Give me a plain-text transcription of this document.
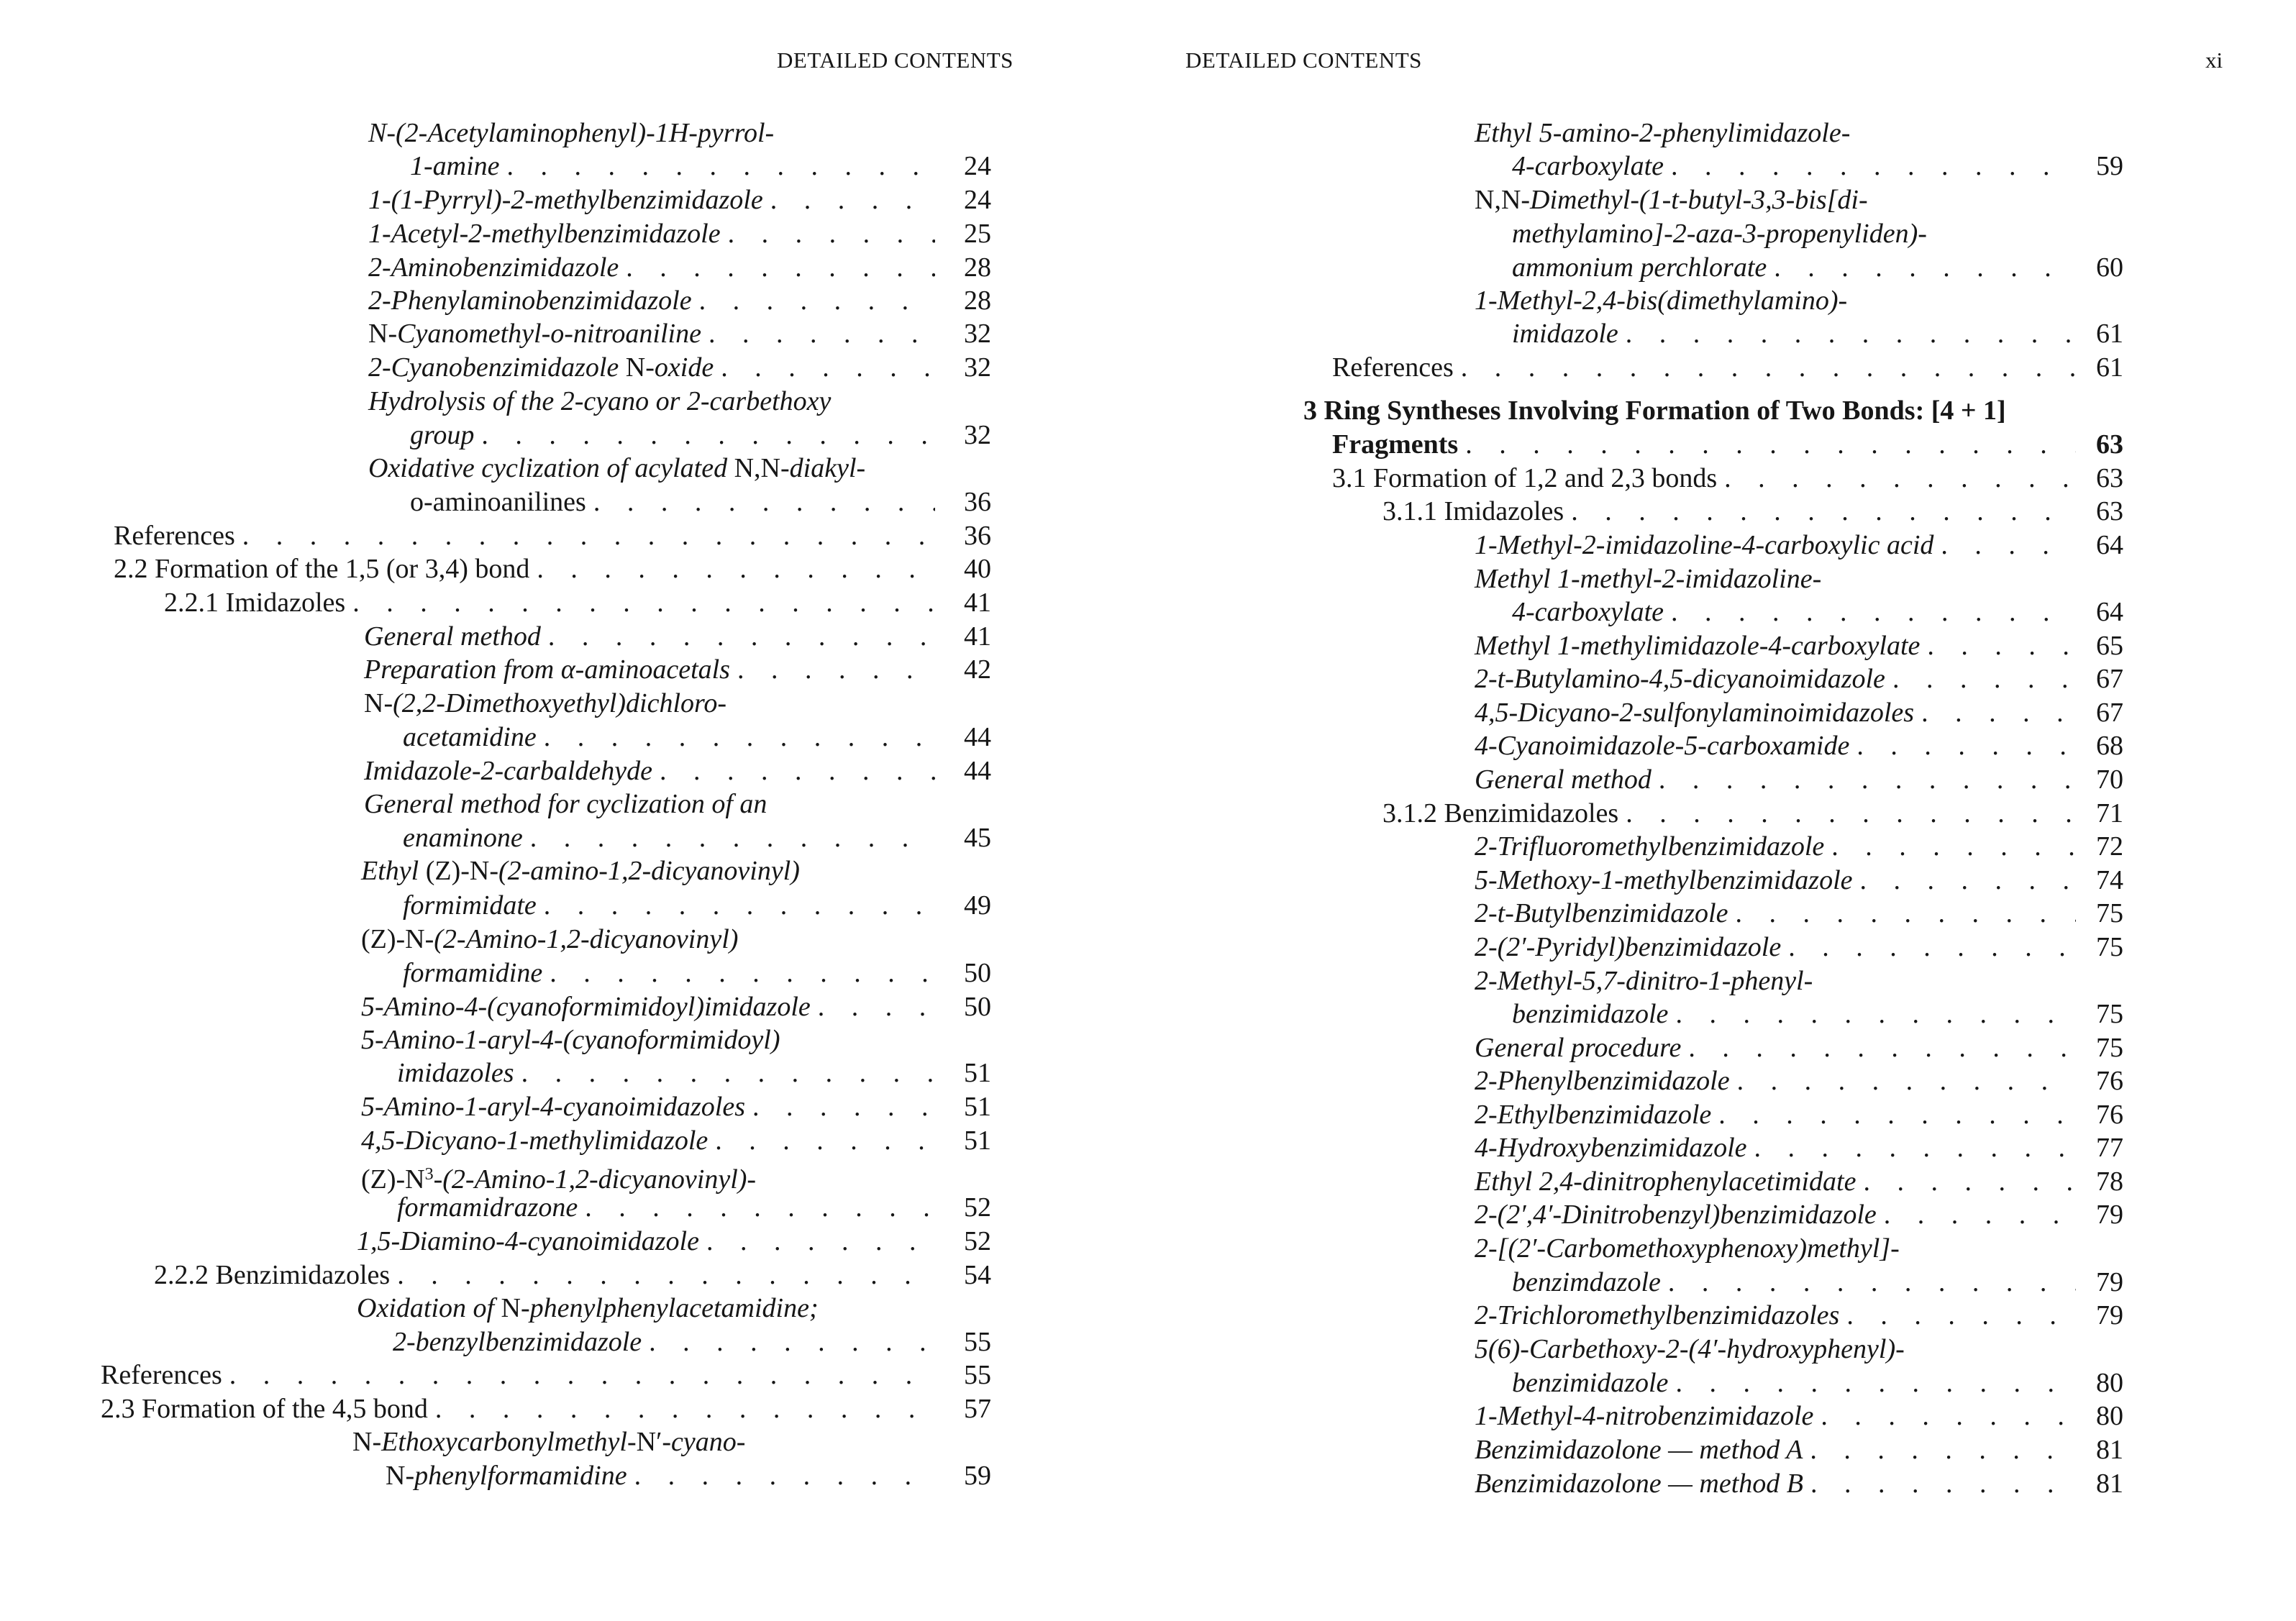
DETAILED CONTENTS
N-(2-Acetylaminophenyl)-1H-pyrrol-
1-amine . . .	24
1-(1-Pyrryl)-2-methylbenzimidazole . . .	24
1-Acetyl-2-methylbenzimidazole . . .	25
2-Aminobenzimidazole . . .	28
2-Phenylaminobenzimidazole . . .	28
N-Cyanomethyl-o-nitroaniline . . .	32
2-Cyanobenzimidazole N-oxide . . .	32
Hydrolysis of the 2-cyano or 2-carbethoxy
group . . .	32
Oxidative cyclization of acylated N,N-diakyl-
o-aminoanilines . . .	36
References . . .	36
2.2 Formation of the 1,5 (or 3,4) bond . . .	40
2.2.1 Imidazoles . . .	41
General method . . .	41
Preparation from α-aminoacetals . . .	42
N-(2,2-Dimethoxyethyl)dichloro-
acetamidine . . .	44
Imidazole-2-carbaldehyde . . .	44
General method for cyclization of an
enaminone . . .	45
Ethyl (Z)-N-(2-amino-1,2-dicyanovinyl)
formimidate . . .	49
(Z)-N-(2-Amino-1,2-dicyanovinyl)
formamidine . . .	50
5-Amino-4-(cyanoformimidoyl)imidazole . . .	50
5-Amino-1-aryl-4-(cyanoformimidoyl)
imidazoles . . .	51
5-Amino-1-aryl-4-cyanoimidazoles . . .	51
4,5-Dicyano-1-methylimidazole . . .	51
$(Z)-N^3-(2-Amino-1,2-dicyanovinyl)-$
formamidrazone . . .	52
1,5-Diamino-4-cyanoimidazole . . .	52
2.2.2 Benzimidazoles . . .	54
Oxidation of N-phenylphenylacetamidine;
2-benzylbenzimidazole . . .	55
References . . .	55
2.3 Formation of the 4,5 bond . . .	57
N-Ethoxycarbonylmethyl-N′-cyano-
N-phenylformamidine . . .	59
DETAILED CONTENTS	xi
Ethyl 5-amino-2-phenylimidazole-
4-carboxylate . . .	59
N,N-Dimethyl-(1-t-butyl-3,3-bis[di-
methylamino]-2-aza-3-propenyliden)-
ammonium perchlorate . . .	60
1-Methyl-2,4-bis(dimethylamino)-
imidazole . . .	61
References . . .	61
3 Ring Syntheses Involving Formation of Two Bonds: [4 + 1]
Fragments . . .	63
3.1 Formation of 1,2 and 2,3 bonds . . .	63
3.1.1 Imidazoles . . .	63
1-Methyl-2-imidazoline-4-carboxylic acid . . .	64
Methyl 1-methyl-2-imidazoline-
4-carboxylate . . .	64
Methyl 1-methylimidazole-4-carboxylate . . .	65
2-t-Butylamino-4,5-dicyanoimidazole . . .	67
4,5-Dicyano-2-sulfonylaminoimidazoles . . .	67
4-Cyanoimidazole-5-carboxamide . . .	68
General method . . .	70
3.1.2 Benzimidazoles . . .	71
2-Trifluoromethylbenzimidazole . . .	72
5-Methoxy-1-methylbenzimidazole . . .	74
2-t-Butylbenzimidazole . . .	75
2-(2′-Pyridyl)benzimidazole . . .	75
2-Methyl-5,7-dinitro-1-phenyl-
benzimidazole . . .	75
General procedure . . .	75
2-Phenylbenzimidazole . . .	76
2-Ethylbenzimidazole . . .	76
4-Hydroxybenzimidazole . . .	77
Ethyl 2,4-dinitrophenylacetimidate . . .	78
2-(2′,4′-Dinitrobenzyl)benzimidazole . . .	79
2-[(2′-Carbomethoxyphenoxy)methyl]-
benzimdazole . . .	79
2-Trichloromethylbenzimidazoles . . .	79
5(6)-Carbethoxy-2-(4′-hydroxyphenyl)-
benzimidazole . . .	80
1-Methyl-4-nitrobenzimidazole . . .	80
Benzimidazolone — method A . . .	81
Benzimidazolone — method B . . .	81
